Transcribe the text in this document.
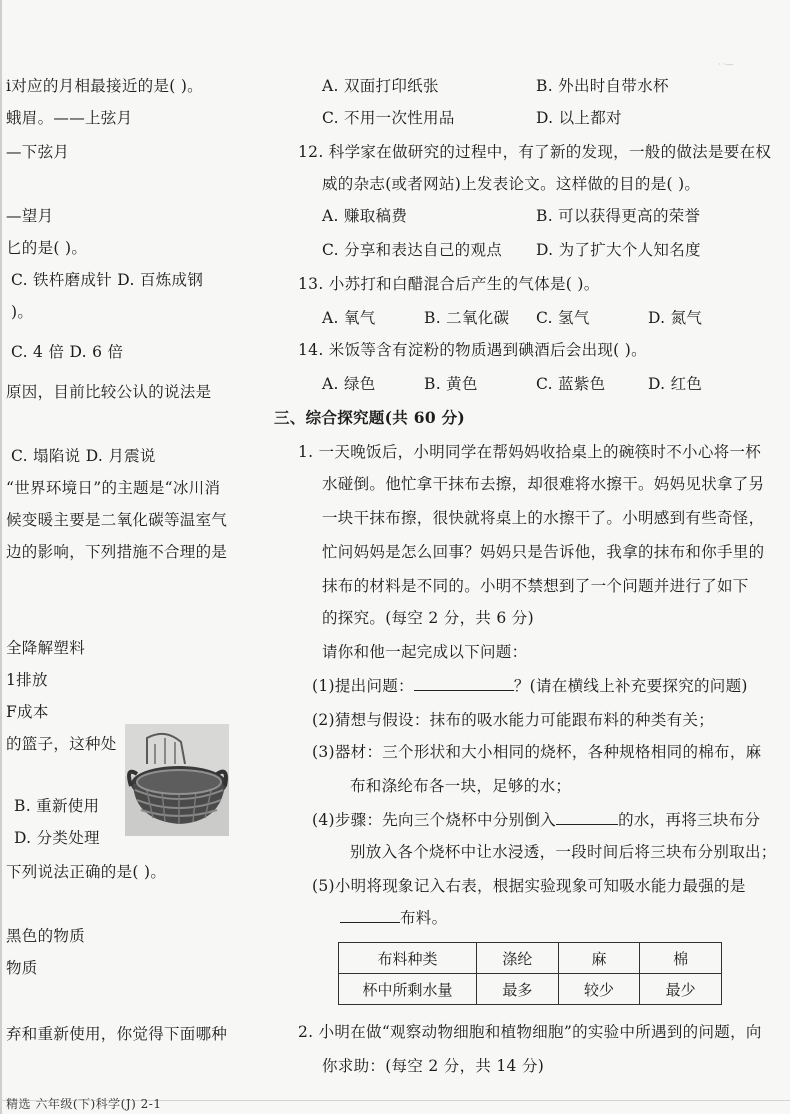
· ·—
i对应的月相最接近的是( )。
蛾眉。——上弦月
—下弦月
—望月
匕的是( )。
C. 铁杵磨成针 D. 百炼成钢
)。
C. 4 倍 D. 6 倍
原因，目前比较公认的说法是
C. 塌陷说 D. 月震说
“世界环境日”的主题是“冰川消
候变暖主要是二氧化碳等温室气
边的影响，下列措施不合理的是
全降解塑料
1排放
F成本
的篮子，这种处
B. 重新使用
D. 分类处理
下列说法正确的是( )。
黑色的物质
物质
弃和重新使用，你觉得下面哪种
A. 双面打印纸张	B. 外出时自带水杯
C. 不用一次性用品	D. 以上都对
12. 科学家在做研究的过程中，有了新的发现，一般的做法是要在权
威的杂志(或者网站)上发表论文。这样做的目的是( )。
A. 赚取稿费	B. 可以获得更高的荣誉
C. 分享和表达自己的观点 D. 为了扩大个人知名度
13. 小苏打和白醋混合后产生的气体是( )。
A. 氧气	B. 二氧化碳 C. 氢气	D. 氮气
14. 米饭等含有淀粉的物质遇到碘酒后会出现( )。
A. 绿色	B. 黄色	C. 蓝紫色	D. 红色
三、综合探究题(共 60 分)
1. 一天晚饭后，小明同学在帮妈妈收拾桌上的碗筷时不小心将一杯
水碰倒。他忙拿干抹布去擦，却很难将水擦干。妈妈见状拿了另
一块干抹布擦，很快就将桌上的水擦干了。小明感到有些奇怪，
忙问妈妈是怎么回事？妈妈只是告诉他，我拿的抹布和你手里的
抹布的材料是不同的。小明不禁想到了一个问题并进行了如下
的探究。(每空 2 分，共 6 分)
请你和他一起完成以下问题：
(1)提出问题：	？(请在横线上补充要探究的问题)
(2)猜想与假设：抹布的吸水能力可能跟布料的种类有关；
(3)器材：三个形状和大小相同的烧杯，各种规格相同的棉布，麻
布和涤纶布各一块，足够的水；
(4)步骤：先向三个烧杯中分别倒入	的水，再将三块布分
别放入各个烧杯中让水浸透，一段时间后将三块布分别取出；
(5)小明将现象记入右表，根据实验现象可知吸水能力最强的是
布料。
布料种类	涤纶	麻	棉
杯中所剩水量	最多	较少	最少
2. 小明在做“观察动物细胞和植物细胞”的实验中所遇到的问题，向
你求助：(每空 2 分，共 14 分)
精选 六年级(下)科学(J) 2-1
